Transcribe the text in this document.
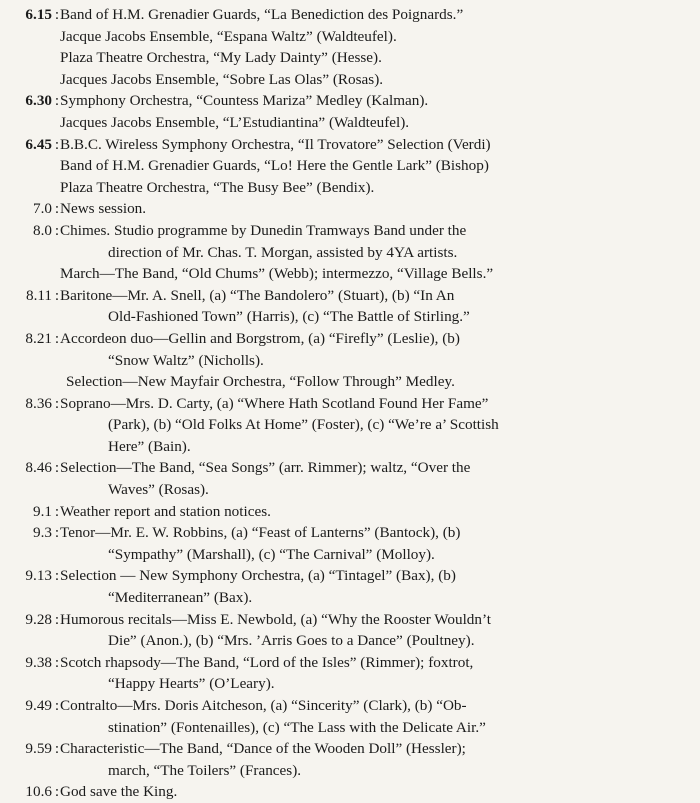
6.15 : Band of H.M. Grenadier Guards, “La Benediction des Poignards.”
Jacque Jacobs Ensemble, “Espana Waltz” (Waldteufel).
Plaza Theatre Orchestra, “My Lady Dainty” (Hesse).
Jacques Jacobs Ensemble, “Sobre Las Olas” (Rosas).
6.30 : Symphony Orchestra, “Countess Mariza” Medley (Kalman).
Jacques Jacobs Ensemble, “L’Estudiantina” (Waldteufel).
6.45 : B.B.C. Wireless Symphony Orchestra, “Il Trovatore” Selection (Verdi)
Band of H.M. Grenadier Guards, “Lo! Here the Gentle Lark” (Bishop)
Plaza Theatre Orchestra, “The Busy Bee” (Bendix).
7.0 : News session.
8.0 : Chimes. Studio programme by Dunedin Tramways Band under the
direction of Mr. Chas. T. Morgan, assisted by 4YA artists.
March—The Band, “Old Chums” (Webb); intermezzo, “Village Bells.”
8.11 : Baritone—Mr. A. Snell, (a) “The Bandolero” (Stuart), (b) “In An
Old-Fashioned Town” (Harris), (c) “The Battle of Stirling.”
8.21 : Accordeon duo—Gellin and Borgstrom, (a) “Firefly” (Leslie), (b)
“Snow Waltz” (Nicholls).
Selection—New Mayfair Orchestra, “Follow Through” Medley.
8.36 : Soprano—Mrs. D. Carty, (a) “Where Hath Scotland Found Her Fame”
(Park), (b) “Old Folks At Home” (Foster), (c) “We’re a’ Scottish
Here” (Bain).
8.46 : Selection—The Band, “Sea Songs” (arr. Rimmer); waltz, “Over the
Waves” (Rosas).
9.1 : Weather report and station notices.
9.3 : Tenor—Mr. E. W. Robbins, (a) “Feast of Lanterns” (Bantock), (b)
“Sympathy” (Marshall), (c) “The Carnival” (Molloy).
9.13 : Selection — New Symphony Orchestra, (a) “Tintagel” (Bax), (b)
“Mediterranean” (Bax).
9.28 : Humorous recitals—Miss E. Newbold, (a) “Why the Rooster Wouldn’t
Die” (Anon.), (b) “Mrs. ’Arris Goes to a Dance” (Poultney).
9.38 : Scotch rhapsody—The Band, “Lord of the Isles” (Rimmer); foxtrot,
“Happy Hearts” (O’Leary).
9.49 : Contralto—Mrs. Doris Aitcheson, (a) “Sincerity” (Clark), (b) “Ob-
stination” (Fontenailles), (c) “The Lass with the Delicate Air.”
9.59 : Characteristic—The Band, “Dance of the Wooden Doll” (Hessler);
march, “The Toilers” (Frances).
10.6 : God save the King.
